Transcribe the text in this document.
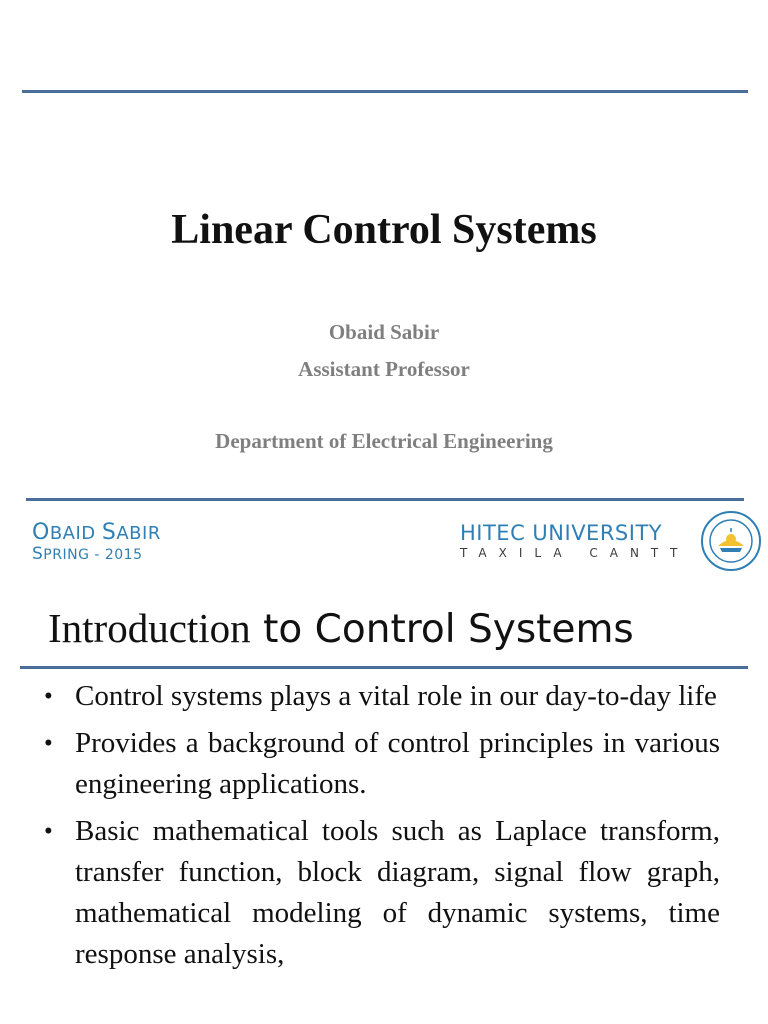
Linear Control Systems
Obaid Sabir
Assistant Professor
Department of Electrical Engineering
OBAID SABIR
SPRING - 2015
HITEC UNIVERSITY
TAXILA CANTT
Introduction to Control Systems
• Control systems plays a vital role in our day-to-day life
• Provides a background of control principles in various engineering applications.
• Basic mathematical tools such as Laplace transform, transfer function, block diagram, signal flow graph, mathematical modeling of dynamic systems, time response analysis,
